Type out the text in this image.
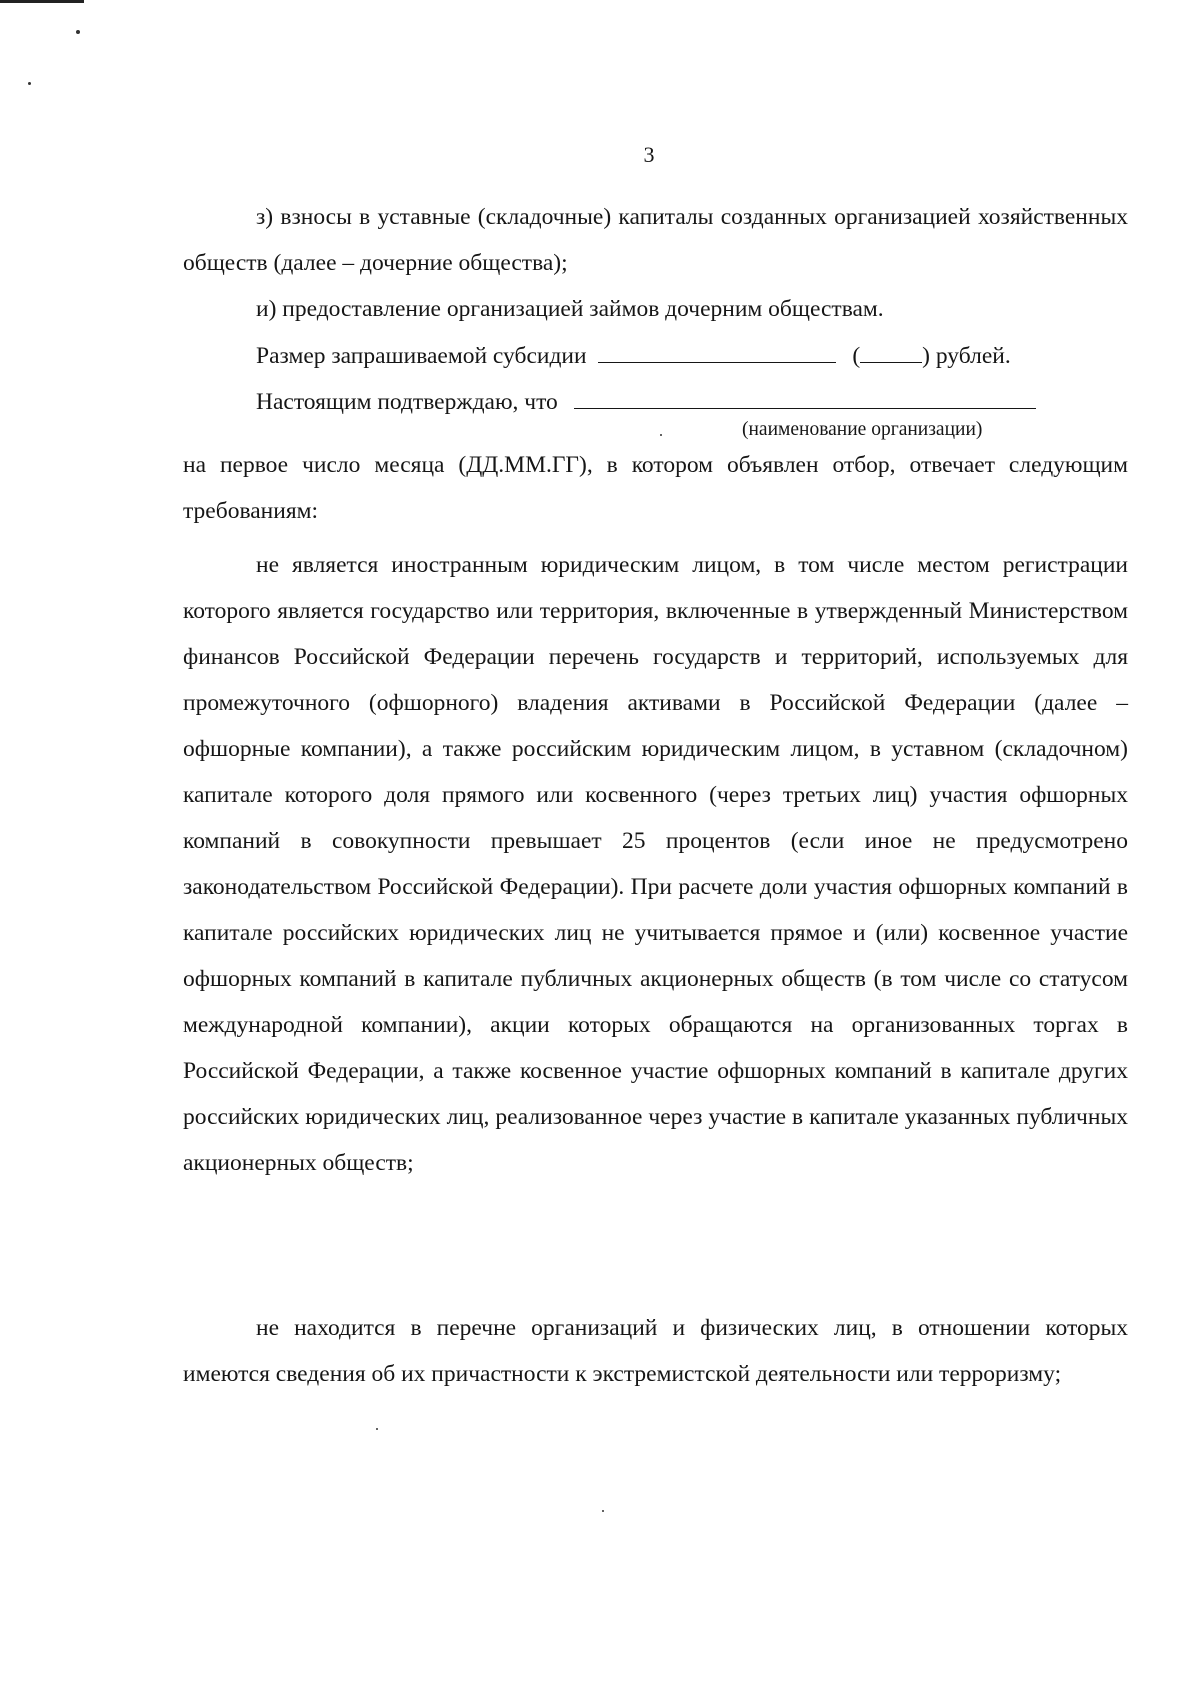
3

з) взносы в уставные (складочные) капиталы созданных организацией хозяйственных обществ (далее – дочерние общества);

и) предоставление организацией займов дочерним обществам.

Размер запрашиваемой субсидии	(	) рублей.
Настоящим подтверждаю, что
(наименование организации)

на первое число месяца (ДД.ММ.ГГ), в котором объявлен отбор, отвечает следующим требованиям:

не является иностранным юридическим лицом, в том числе местом регистрации которого является государство или территория, включенные в утвержденный Министерством финансов Российской Федерации перечень государств и территорий, используемых для промежуточного (офшорного) владения активами в Российской Федерации (далее – офшорные компании), а также российским юридическим лицом, в уставном (складочном) капитале которого доля прямого или косвенного (через третьих лиц) участия офшорных компаний в совокупности превышает 25 процентов (если иное не предусмотрено законодательством Российской Федерации). При расчете доли участия офшорных компаний в капитале российских юридических лиц не учитывается прямое и (или) косвенное участие офшорных компаний в капитале публичных акционерных обществ (в том числе со статусом международной компании), акции которых обращаются на организованных торгах в Российской Федерации, а также косвенное участие офшорных компаний в капитале других российских юридических лиц, реализованное через участие в капитале указанных публичных акционерных обществ;

не находится в перечне организаций и физических лиц, в отношении которых имеются сведения об их причастности к экстремистской деятельности или терроризму;
